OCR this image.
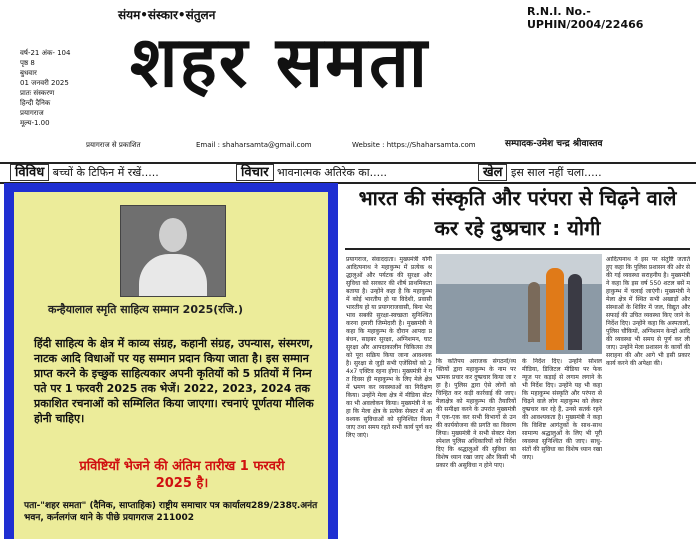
संयम•संस्कार•संतुलन	R.N.I. No.-UPHIN/2004/22466
शहर समता
वर्ष-21 अंक- 104
पृष्ठ 8
बुधवार
01 जनवरी 2025
प्रातः संस्करण
हिन्दी दैनिक
प्रयागराज
मूल्य-1.00
सम्पादक-उमेश चन्द्र श्रीवास्तव
प्रयागराज से प्रकाशित	Email : shaharsamta@gmail.com	Website : https://Shaharsamta.com
विविध बच्चों के टिफिन में रखें.....	विचार भावनात्मक अतिरेक का.....	खेल इस साल नहीं चला.....
कन्हैयालाल स्मृति साहित्य सम्मान 2025(रजि.)
हिंदी साहित्य के क्षेत्र में काव्य संग्रह, कहानी संग्रह, उपन्यास, संस्मरण, नाटक आदि विधाओं पर यह सम्मान प्रदान किया जाता है। इस सम्मान प्राप्त करने के इच्छुक साहित्यकार अपनी कृतियों को 5 प्रतियों में निम्न पते पर 1 फरवरी 2025 तक भेजें। 2022, 2023, 2024 तक प्रकाशित रचनाओं को सम्मिलित किया जाएगा। रचनाएं पूर्णतया मौलिक होनी चाहिए।
प्रविष्टियाँ भेजने की अंतिम तारीख 1 फरवरी 2025 है।
पता-"शहर समता" (दैनिक, साप्ताहिक) राष्ट्रीय समाचार पत्र कार्यालय289/238ए.अनंत भवन, कर्नलगंज थाने के पीछे प्रयागराज 211002
भारत की संस्कृति और परंपरा से चिढ़ने वाले कर रहे दुष्प्रचार : योगी
प्रयागराज, संवाददाता। मुख्यमंत्री योगी आदित्यनाथ ने महाकुम्भ में प्रत्येक श्रद्धालुओं और पर्यटक की सुरक्षा और सुविधा को सरकार की शीर्ष प्राथमिकता बताया है। उन्होंने कहा है कि महाकुम्भ में कोई भारतीय हो या विदेशी, प्रवासी भारतीय हो या प्रयागराजवासी, बिना भेदभाव सबकी सुरक्षा-स्वच्छता सुनिश्चित करना हमारी जिम्मेदारी है। मुख्यमंत्री ने कहा कि महाकुम्भ के दौरान आपदा प्रबंधन, साइबर सुरक्षा, अग्निशमन, घाट सुरक्षा और आपदाकालीन चिकित्सा तंत्र को पूरा सक्रिय किया जाना आवश्यक है। सुरक्षा से जुड़ी सभी एजेंसियों को 24x7 एक्टिव रहना होगा। मुख्यमंत्री ने गत दिवस ही महाकुम्भ के लिए मेले क्षेत्र में भ्रमण कर व्यवस्थाओं का निरीक्षण किया। उन्होंने मेला क्षेत्र में मीडिया सेंटर का भी अवलोकन किया। मुख्यमंत्री ने कहा कि मेला क्षेत्र के प्रत्येक सेक्टर में आवश्यक सुविधाओं को सुनिश्चित किया जाए तथा समय रहते सभी कार्य पूर्ण कर लिए जाएं।
कि कतिपय अराजक संगठनों/व्यक्तियों द्वारा महाकुम्भ के नाम पर भ्रामक प्रचार कर दुष्प्रचार किया जा रहा है। पुलिस द्वारा ऐसे लोगों को चिन्हित कर कड़ी कार्रवाई की जाए। मेलाक्षेत्र को महाकुम्भ की तैयारियों की समीक्षा करने के उपरांत मुख्यमंत्री ने एक-एक कर सभी विभागों से उनकी कार्ययोजना की प्रगति का विवरण लिया। मुख्यमंत्री ने सभी सेक्टर मेला स्पेशल पुलिस अधिकारियों को निर्देश दिए कि श्रद्धालुओं की सुविधा का विशेष ध्यान रखा जाए और किसी भी प्रकार की असुविधा न होने पाए।
के निर्देश दिए। उन्होंने सोशल मीडिया, डिजिटल मीडिया पर फेक न्यूज पर कड़ाई से लगाम लगाने के भी निर्देश दिए। उन्होंने यह भी कहा कि महाकुम्भ संस्कृति और परंपरा से चिढ़ने वाले लोग महाकुम्भ को लेकर दुष्प्रचार कर रहे हैं, उनसे सतर्क रहने की आवश्यकता है। मुख्यमंत्री ने कहा कि विशिष्ट आगंतुकों के साथ-साथ सामान्य श्रद्धालुओं के लिए भी पूरी व्यवस्था सुनिश्चित की जाए। साधु-संतों की सुविधा का विशेष ध्यान रखा जाए।
आदित्यनाथ ने इस पर संतुष्टि जताते हुए कहा कि पुलिस प्रशासन की ओर से की गई व्यवस्था सराहनीय है। मुख्यमंत्री ने कहा कि इस वर्ष 550 शटल बसें महाकुम्भ में चलाई जाएंगी। मुख्यमंत्री ने मेला क्षेत्र में स्थित सभी अखाड़ों और संस्थाओं के शिविर में जल, विद्युत और सफाई की उचित व्यवस्था किए जाने के निर्देश दिए। उन्होंने कहा कि अस्पतालों, पुलिस चौकियों, अग्निशमन केन्द्रों आदि की व्यवस्था भी समय से पूर्ण कर ली जाए। उन्होंने मेला प्रशासन के कार्यों की सराहना की और आगे भी इसी प्रकार कार्य करने की अपेक्षा की।
